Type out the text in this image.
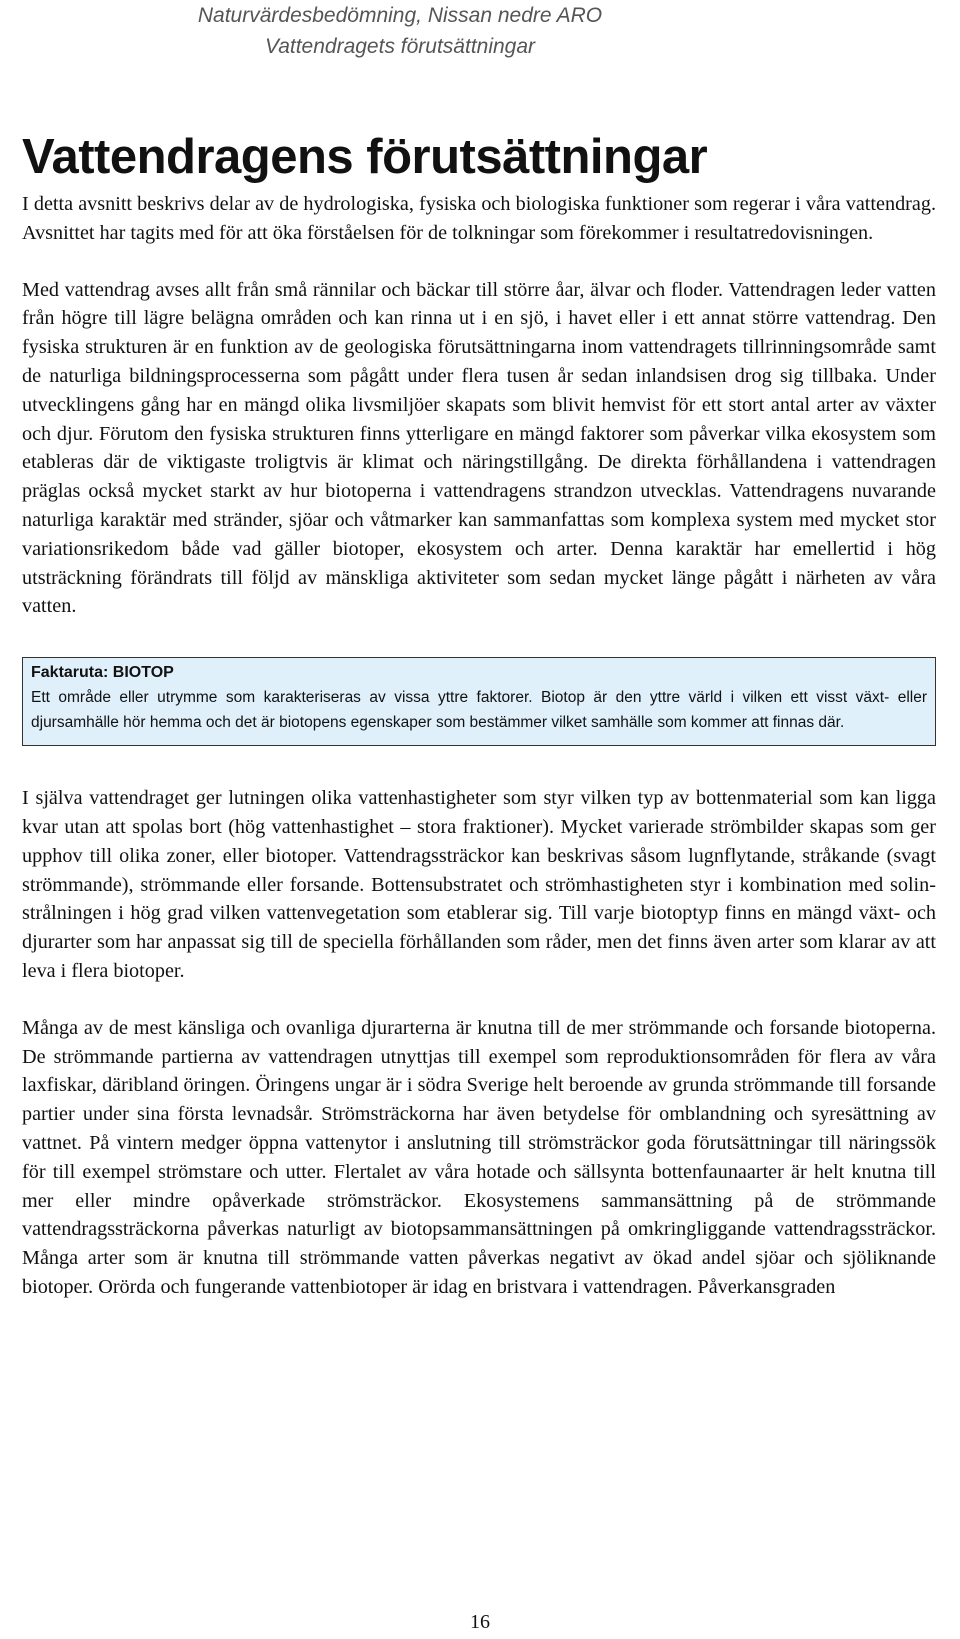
Naturvärdesbedömning, Nissan nedre ARO
Vattendragets förutsättningar
Vattendragens förutsättningar

I detta avsnitt beskrivs delar av de hydrologiska, fysiska och biologiska funktioner som regerar i våra vattendrag. Avsnittet har tagits med för att öka förståelsen för de tolkningar som förekommer i resultatredovisningen.

Med vattendrag avses allt från små rännilar och bäckar till större åar, älvar och floder. Vattendragen leder vatten från högre till lägre belägna områden och kan rinna ut i en sjö, i havet eller i ett annat större vattendrag. Den fysiska strukturen är en funktion av de geologiska förutsättningarna inom vattendragets tillrinningsområde samt de naturliga bildningsprocesserna som pågått under flera tusen år sedan inlandsisen drog sig tillbaka. Under utvecklingens gång har en mängd olika livsmiljöer skapats som blivit hemvist för ett stort antal arter av växter och djur. Förutom den fysiska strukturen finns ytterligare en mängd faktorer som påverkar vilka ekosystem som etableras där de viktigaste troligtvis är klimat och näringstillgång. De direkta förhållandena i vattendragen präglas också mycket starkt av hur biotoperna i vattendragens strandzon utvecklas. Vattendragens nuvarande naturliga karaktär med stränder, sjöar och våtmarker kan sammanfattas som komplexa system med mycket stor variationsrikedom både vad gäller biotoper, ekosystem och arter. Denna karaktär har emellertid i hög utsträckning förändrats till följd av mänskliga aktiviteter som sedan mycket länge pågått i närheten av våra vatten.

Faktaruta: BIOTOP
Ett område eller utrymme som karakteriseras av vissa yttre faktorer. Biotop är den yttre värld i vilken ett visst växt- eller djursamhälle hör hemma och det är biotopens egenskaper som bestämmer vilket samhälle som kommer att finnas där.

I själva vattendraget ger lutningen olika vattenhastigheter som styr vilken typ av bottenmaterial som kan ligga kvar utan att spolas bort (hög vattenhastighet – stora fraktioner). Mycket varierade strömbilder skapas som ger upphov till olika zoner, eller biotoper. Vattendragssträckor kan beskrivas såsom lugnflytande, stråkande (svagt strömmande), strömmande eller forsande. Bottensubstratet och strömhastigheten styr i kombination med solinstrålningen i hög grad vilken vattenvegetation som etablerar sig. Till varje biotoptyp finns en mängd växt- och djurarter som har anpassat sig till de speciella förhållanden som råder, men det finns även arter som klarar av att leva i flera biotoper.

Många av de mest känsliga och ovanliga djurarterna är knutna till de mer strömmande och forsande biotoperna. De strömmande partierna av vattendragen utnyttjas till exempel som reproduktionsområden för flera av våra laxfiskar, däribland öringen. Öringens ungar är i södra Sverige helt beroende av grunda strömmande till forsande partier under sina första levnadsår. Strömsträckorna har även betydelse för omblandning och syresättning av vattnet. På vintern medger öppna vattenytor i anslutning till strömsträckor goda förutsättningar till näringssök för till exempel strömstare och utter. Flertalet av våra hotade och sällsynta bottenfaunaarter är helt knutna till mer eller mindre opåverkade strömsträckor. Ekosystemens sammansättning på de strömmande vattendragssträckorna påverkas naturligt av biotopsammansättningen på omkringliggande vattendragssträckor. Många arter som är knutna till strömmande vatten påverkas negativt av ökad andel sjöar och sjöliknande biotoper. Orörda och fungerande vattenbiotoper är idag en bristvara i vattendragen. Påverkansgraden

16
